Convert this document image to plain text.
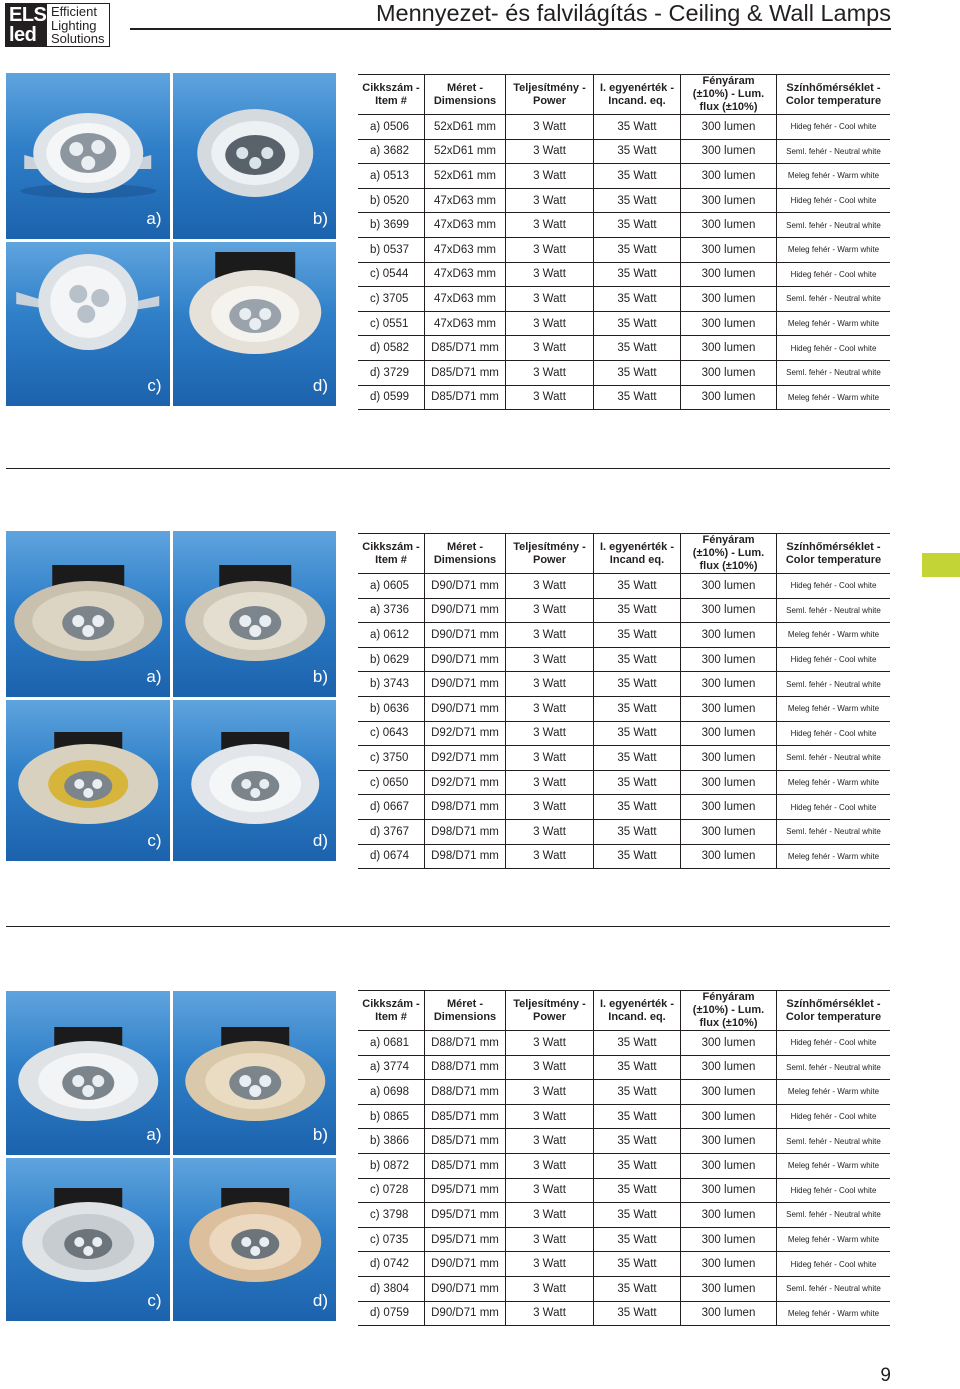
ELS
led
Efficient
Lighting
Solutions
Mennyezet- és falvilágítás - Ceiling & Wall Lamps
a)	b)
c)	d)
Cikkszám - Item #	Méret - Dimensions	Teljesítmény - Power	I. egyenérték - Incand. eq.	Fényáram (±10%) - Lum. flux (±10%)	Színhőmérséklet - Color temperature
a) 0506	52xD61 mm	3 Watt	35 Watt	300 lumen	Hideg fehér - Cool white
a) 3682	52xD61 mm	3 Watt	35 Watt	300 lumen	Seml. fehér - Neutral white
a) 0513	52xD61 mm	3 Watt	35 Watt	300 lumen	Meleg fehér - Warm white
b) 0520	47xD63 mm	3 Watt	35 Watt	300 lumen	Hideg fehér - Cool white
b) 3699	47xD63 mm	3 Watt	35 Watt	300 lumen	Seml. fehér - Neutral white
b) 0537	47xD63 mm	3 Watt	35 Watt	300 lumen	Meleg fehér - Warm white
c) 0544	47xD63 mm	3 Watt	35 Watt	300 lumen	Hideg fehér - Cool white
c) 3705	47xD63 mm	3 Watt	35 Watt	300 lumen	Seml. fehér - Neutral white
c) 0551	47xD63 mm	3 Watt	35 Watt	300 lumen	Meleg fehér - Warm white
d) 0582	D85/D71 mm	3 Watt	35 Watt	300 lumen	Hideg fehér - Cool white
d) 3729	D85/D71 mm	3 Watt	35 Watt	300 lumen	Seml. fehér - Neutral white
d) 0599	D85/D71 mm	3 Watt	35 Watt	300 lumen	Meleg fehér - Warm white
a)	b)
c)	d)
Cikkszám - Item #	Méret - Dimensions	Teljesítmény - Power	I. egyenérték - Incand eq.	Fényáram (±10%) - Lum. flux (±10%)	Színhőmérséklet - Color temperature
a) 0605	D90/D71 mm	3 Watt	35 Watt	300 lumen	Hideg fehér - Cool white
a) 3736	D90/D71 mm	3 Watt	35 Watt	300 lumen	Seml. fehér - Neutral white
a) 0612	D90/D71 mm	3 Watt	35 Watt	300 lumen	Meleg fehér - Warm white
b) 0629	D90/D71 mm	3 Watt	35 Watt	300 lumen	Hideg fehér - Cool white
b) 3743	D90/D71 mm	3 Watt	35 Watt	300 lumen	Seml. fehér - Neutral white
b) 0636	D90/D71 mm	3 Watt	35 Watt	300 lumen	Meleg fehér - Warm white
c) 0643	D92/D71 mm	3 Watt	35 Watt	300 lumen	Hideg fehér - Cool white
c) 3750	D92/D71 mm	3 Watt	35 Watt	300 lumen	Seml. fehér - Neutral white
c) 0650	D92/D71 mm	3 Watt	35 Watt	300 lumen	Meleg fehér - Warm white
d) 0667	D98/D71 mm	3 Watt	35 Watt	300 lumen	Hideg fehér - Cool white
d) 3767	D98/D71 mm	3 Watt	35 Watt	300 lumen	Seml. fehér - Neutral white
d) 0674	D98/D71 mm	3 Watt	35 Watt	300 lumen	Meleg fehér - Warm white
a)	b)
c)	d)
Cikkszám - Item #	Méret - Dimensions	Teljesítmény - Power	I. egyenérték - Incand. eq.	Fényáram (±10%) - Lum. flux (±10%)	Színhőmérséklet - Color temperature
a) 0681	D88/D71 mm	3 Watt	35 Watt	300 lumen	Hideg fehér - Cool white
a) 3774	D88/D71 mm	3 Watt	35 Watt	300 lumen	Seml. fehér - Neutral white
a) 0698	D88/D71 mm	3 Watt	35 Watt	300 lumen	Meleg fehér - Warm white
b) 0865	D85/D71 mm	3 Watt	35 Watt	300 lumen	Hideg fehér - Cool white
b) 3866	D85/D71 mm	3 Watt	35 Watt	300 lumen	Seml. fehér - Neutral white
b) 0872	D85/D71 mm	3 Watt	35 Watt	300 lumen	Meleg fehér - Warm white
c) 0728	D95/D71 mm	3 Watt	35 Watt	300 lumen	Hideg fehér - Cool white
c) 3798	D95/D71 mm	3 Watt	35 Watt	300 lumen	Seml. fehér - Neutral white
c) 0735	D95/D71 mm	3 Watt	35 Watt	300 lumen	Meleg fehér - Warm white
d) 0742	D90/D71 mm	3 Watt	35 Watt	300 lumen	Hideg fehér - Cool white
d) 3804	D90/D71 mm	3 Watt	35 Watt	300 lumen	Seml. fehér - Neutral white
d) 0759	D90/D71 mm	3 Watt	35 Watt	300 lumen	Meleg fehér - Warm white
9
